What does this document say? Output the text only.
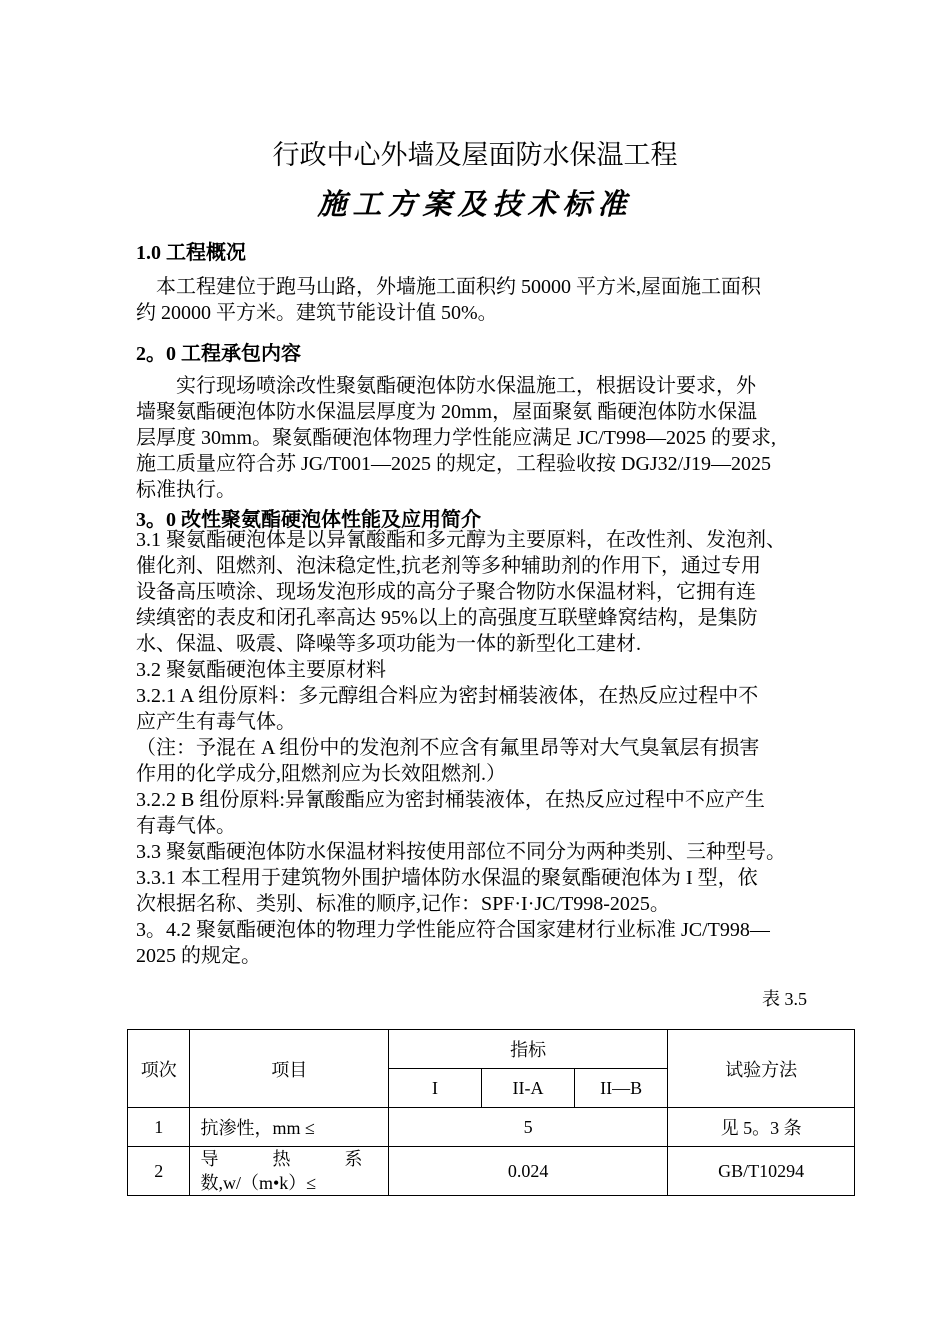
行政中心外墙及屋面防水保温工程
施工方案及技术标准
1.0 工程概况
　本工程建位于跑马山路，外墙施工面积约 50000 平方米,屋面施工面积
约 20000 平方米。建筑节能设计值 50%。
2。0 工程承包内容
　　实行现场喷涂改性聚氨酯硬泡体防水保温施工，根据设计要求，外
墙聚氨酯硬泡体防水保温层厚度为 20mm，屋面聚氨 酯硬泡体防水保温
层厚度 30mm。聚氨酯硬泡体物理力学性能应满足 JC/T998—2025 的要求,
施工质量应符合苏 JG/T001—2025 的规定，工程验收按 DGJ32/J19—2025
标准执行。
3。0 改性聚氨酯硬泡体性能及应用简介
3.1 聚氨酯硬泡体是以异氰酸酯和多元醇为主要原料，在改性剂、发泡剂、
催化剂、阻燃剂、泡沫稳定性,抗老剂等多种辅助剂的作用下，通过专用
设备高压喷涂、现场发泡形成的高分子聚合物防水保温材料，它拥有连
续缜密的表皮和闭孔率高达 95%以上的高强度互联壁蜂窝结构，是集防
水、保温、吸震、降噪等多项功能为一体的新型化工建材.
3.2 聚氨酯硬泡体主要原材料
3.2.1 A 组份原料：多元醇组合料应为密封桶装液体，在热反应过程中不
应产生有毒气体。
（注：予混在 A 组份中的发泡剂不应含有氟里昂等对大气臭氧层有损害
作用的化学成分,阻燃剂应为长效阻燃剂.）
3.2.2 B 组份原料:异氰酸酯应为密封桶装液体，在热反应过程中不应产生
有毒气体。
3.3 聚氨酯硬泡体防水保温材料按使用部位不同分为两种类别、三种型号。
3.3.1 本工程用于建筑物外围护墙体防水保温的聚氨酯硬泡体为 I 型，依
次根据名称、类别、标准的顺序,记作：SPF·I·JC/T998-2025。
3。4.2 聚氨酯硬泡体的物理力学性能应符合国家建材行业标准 JC/T998—
2025 的规定。
表 3.5
项次	项目	指标			试验方法
		I	II-A	II—B	
1	抗渗性，mm ≤	5			见 5。3 条
2	导　　　热　　　系
数,w/（m•k）≤	0.024			GB/T10294
